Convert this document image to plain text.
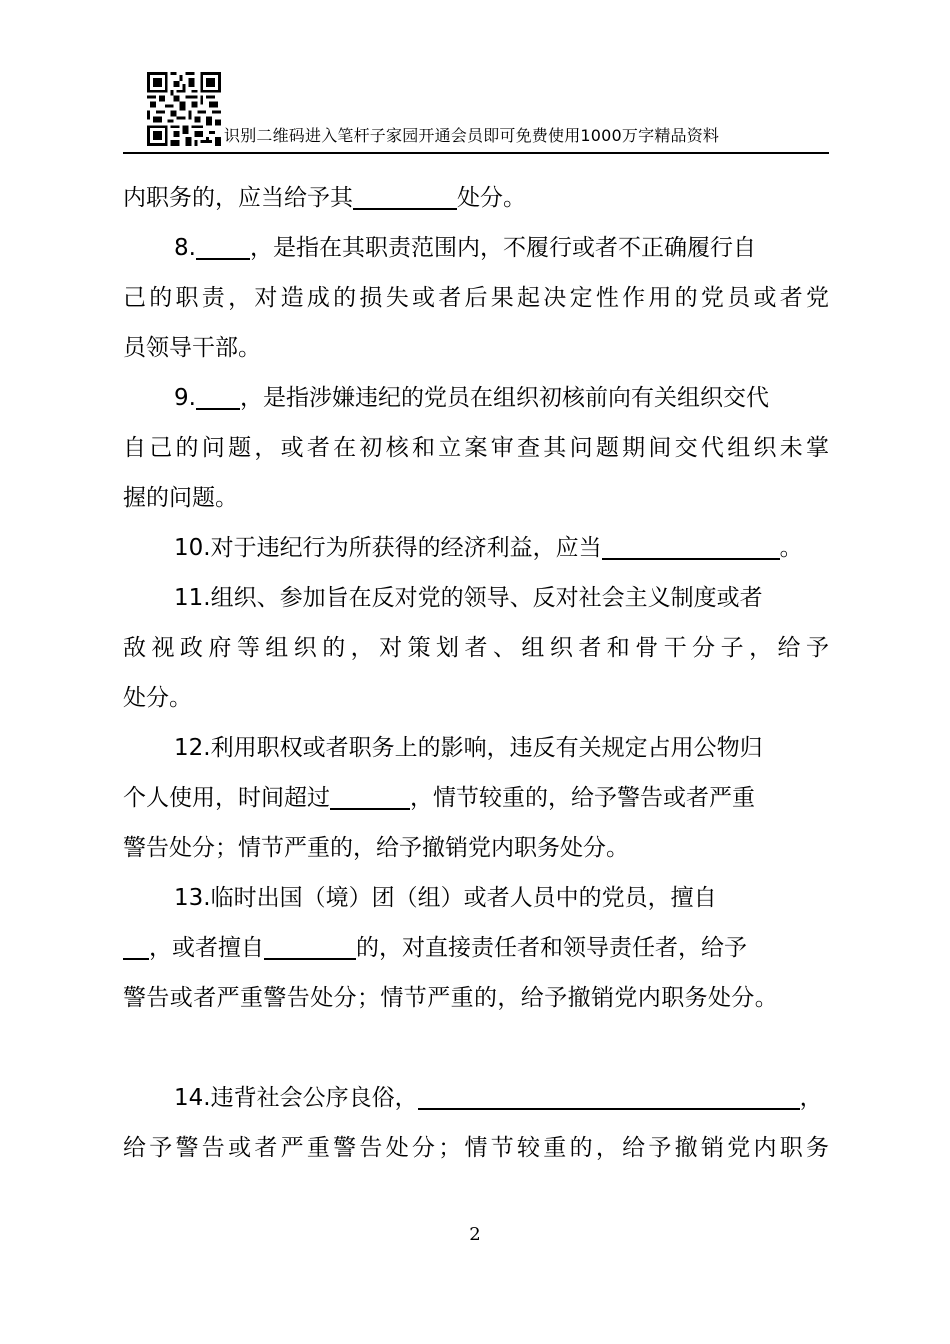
识别二维码进入笔杆子家园开通会员即可免费使用1000万字精品资料
内职务的，应当给予其	处分。
8. ，是指在其职责范围内，不履行或者不正确履行自
己的职责，对造成的损失或者后果起决定性作用的党员或者党
员领导干部。
9. ，是指涉嫌违纪的党员在组织初核前向有关组织交代
自己的问题，或者在初核和立案审查其问题期间交代组织未掌
握的问题。
10.对于违纪行为所获得的经济利益，应当	。
11.组织、参加旨在反对党的领导、反对社会主义制度或者
敌视政府等组织的，对策划者、组织者和骨干分子，给予
处分。
12.利用职权或者职务上的影响，违反有关规定占用公物归
个人使用，时间超过	，情节较重的，给予警告或者严重
警告处分；情节严重的，给予撤销党内职务处分。
13.临时出国（境）团（组）或者人员中的党员，擅自
，或者擅自	的，对直接责任者和领导责任者，给予
警告或者严重警告处分；情节严重的，给予撤销党内职务处分。
14.违背社会公序良俗，	，
给予警告或者严重警告处分；情节较重的，给予撤销党内职务
2
